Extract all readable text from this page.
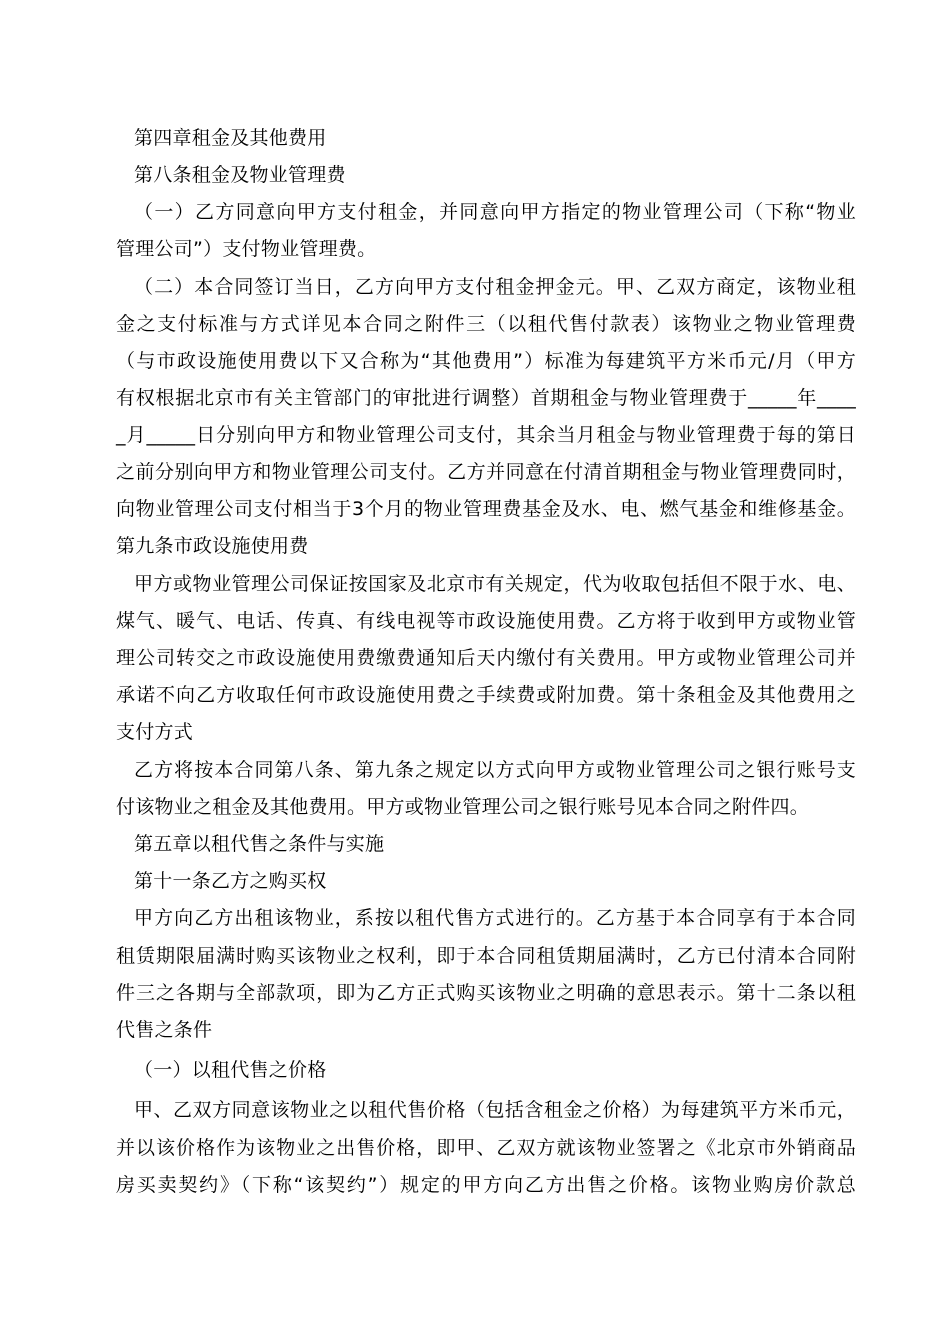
第四章租金及其他费用
第八条租金及物业管理费
（一）乙方同意向甲方支付租金，并同意向甲方指定的物业管理公司（下称“物业
管理公司”）支付物业管理费。
（二）本合同签订当日，乙方向甲方支付租金押金元。甲、乙双方商定，该物业租
金之支付标准与方式详见本合同之附件三（以租代售付款表）该物业之物业管理费
（与市政设施使用费以下又合称为“其他费用”）标准为每建筑平方米币元/月（甲方
有权根据北京市有关主管部门的审批进行调整）首期租金与物业管理费于_____年____
_月_____日分别向甲方和物业管理公司支付，其余当月租金与物业管理费于每的第日
之前分别向甲方和物业管理公司支付。乙方并同意在付清首期租金与物业管理费同时，
向物业管理公司支付相当于3个月的物业管理费基金及水、电、燃气基金和维修基金。
第九条市政设施使用费
甲方或物业管理公司保证按国家及北京市有关规定，代为收取包括但不限于水、电、
煤气、暖气、电话、传真、有线电视等市政设施使用费。乙方将于收到甲方或物业管
理公司转交之市政设施使用费缴费通知后天内缴付有关费用。甲方或物业管理公司并
承诺不向乙方收取任何市政设施使用费之手续费或附加费。第十条租金及其他费用之
支付方式
乙方将按本合同第八条、第九条之规定以方式向甲方或物业管理公司之银行账号支
付该物业之租金及其他费用。甲方或物业管理公司之银行账号见本合同之附件四。
第五章以租代售之条件与实施
第十一条乙方之购买权
甲方向乙方出租该物业，系按以租代售方式进行的。乙方基于本合同享有于本合同
租赁期限届满时购买该物业之权利，即于本合同租赁期届满时，乙方已付清本合同附
件三之各期与全部款项，即为乙方正式购买该物业之明确的意思表示。第十二条以租
代售之条件
（一）以租代售之价格
甲、乙双方同意该物业之以租代售价格（包括含租金之价格）为每建筑平方米币元，
并以该价格作为该物业之出售价格，即甲、乙双方就该物业签署之《北京市外销商品
房买卖契约》（下称“该契约”）规定的甲方向乙方出售之价格。该物业购房价款总
